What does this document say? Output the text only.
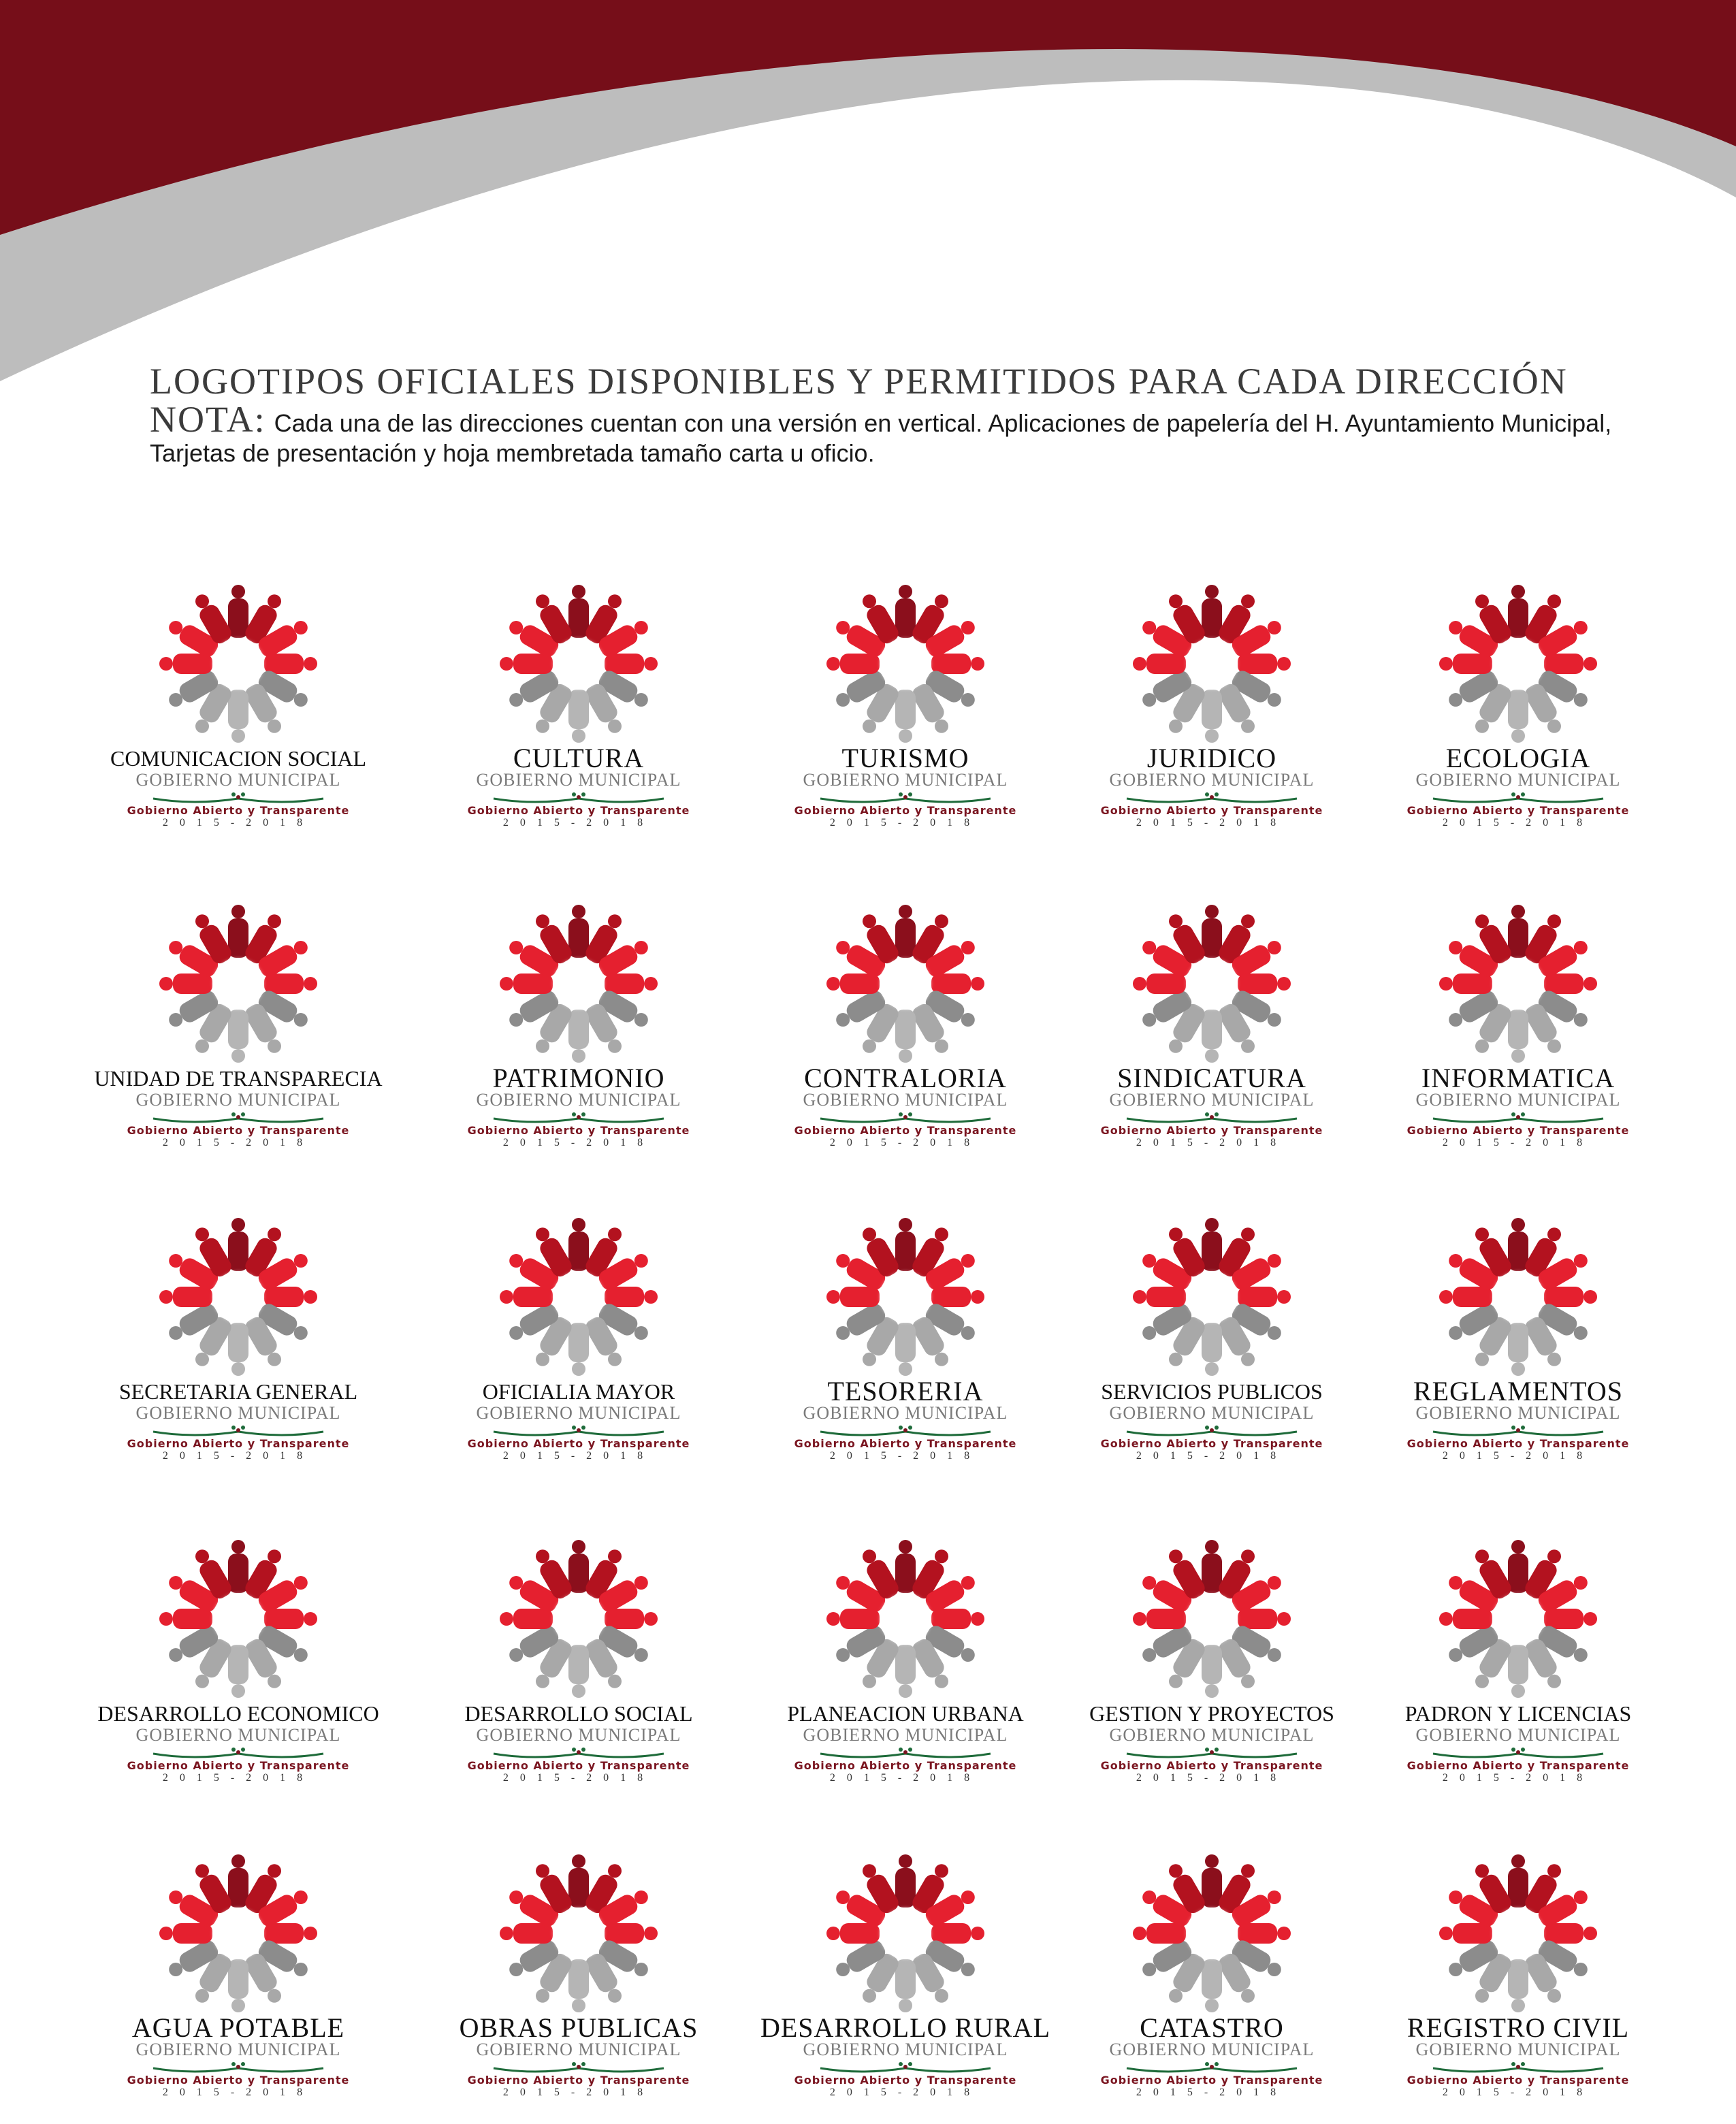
LOGOTIPOS OFICIALES DISPONIBLES Y PERMITIDOS PARA CADA DIRECCIÓN
NOTA: Cada una de las direcciones cuentan con una versión en vertical. Aplicaciones de papelería del H. Ayuntamiento Municipal, Tarjetas de presentación y hoja membretada tamaño carta u oficio.
COMUNICACION SOCIAL
GOBIERNO MUNICIPAL
Gobierno Abierto y Transparente
2015-2018
CULTURA
GOBIERNO MUNICIPAL
Gobierno Abierto y Transparente
2015-2018
TURISMO
GOBIERNO MUNICIPAL
Gobierno Abierto y Transparente
2015-2018
JURIDICO
GOBIERNO MUNICIPAL
Gobierno Abierto y Transparente
2015-2018
ECOLOGIA
GOBIERNO MUNICIPAL
Gobierno Abierto y Transparente
2015-2018
UNIDAD DE TRANSPARECIA
GOBIERNO MUNICIPAL
Gobierno Abierto y Transparente
2015-2018
PATRIMONIO
GOBIERNO MUNICIPAL
Gobierno Abierto y Transparente
2015-2018
CONTRALORIA
GOBIERNO MUNICIPAL
Gobierno Abierto y Transparente
2015-2018
SINDICATURA
GOBIERNO MUNICIPAL
Gobierno Abierto y Transparente
2015-2018
INFORMATICA
GOBIERNO MUNICIPAL
Gobierno Abierto y Transparente
2015-2018
SECRETARIA GENERAL
GOBIERNO MUNICIPAL
Gobierno Abierto y Transparente
2015-2018
OFICIALIA MAYOR
GOBIERNO MUNICIPAL
Gobierno Abierto y Transparente
2015-2018
TESORERIA
GOBIERNO MUNICIPAL
Gobierno Abierto y Transparente
2015-2018
SERVICIOS PUBLICOS
GOBIERNO MUNICIPAL
Gobierno Abierto y Transparente
2015-2018
REGLAMENTOS
GOBIERNO MUNICIPAL
Gobierno Abierto y Transparente
2015-2018
DESARROLLO ECONOMICO
GOBIERNO MUNICIPAL
Gobierno Abierto y Transparente
2015-2018
DESARROLLO SOCIAL
GOBIERNO MUNICIPAL
Gobierno Abierto y Transparente
2015-2018
PLANEACION URBANA
GOBIERNO MUNICIPAL
Gobierno Abierto y Transparente
2015-2018
GESTION Y PROYECTOS
GOBIERNO MUNICIPAL
Gobierno Abierto y Transparente
2015-2018
PADRON Y LICENCIAS
GOBIERNO MUNICIPAL
Gobierno Abierto y Transparente
2015-2018
AGUA POTABLE
GOBIERNO MUNICIPAL
Gobierno Abierto y Transparente
2015-2018
OBRAS PUBLICAS
GOBIERNO MUNICIPAL
Gobierno Abierto y Transparente
2015-2018
DESARROLLO RURAL
GOBIERNO MUNICIPAL
Gobierno Abierto y Transparente
2015-2018
CATASTRO
GOBIERNO MUNICIPAL
Gobierno Abierto y Transparente
2015-2018
REGISTRO CIVIL
GOBIERNO MUNICIPAL
Gobierno Abierto y Transparente
2015-2018
